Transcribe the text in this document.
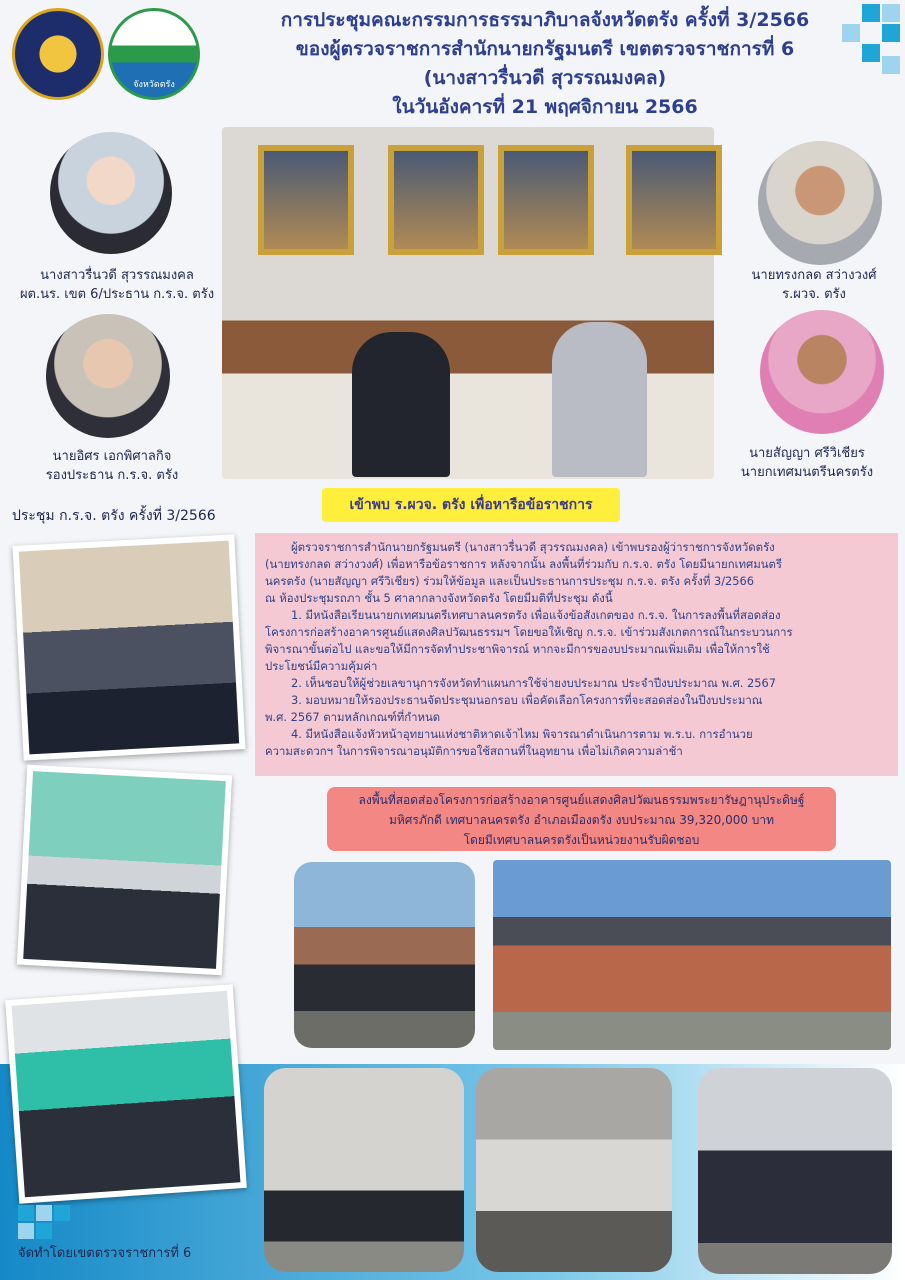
จังหวัดตรัง
การประชุมคณะกรรมการธรรมาภิบาลจังหวัดตรัง ครั้งที่ 3/2566
ของผู้ตรวจราชการสำนักนายกรัฐมนตรี เขตตรวจราชการที่ 6
(นางสาวรื่นวดี สุวรรณมงคล)
ในวันอังคารที่ 21 พฤศจิกายน 2566
นางสาวรื่นวดี สุวรรณมงคล
ผต.นร. เขต 6/ประธาน ก.ร.จ. ตรัง
นายอิศร เอกพิศาลกิจ
รองประธาน ก.ร.จ. ตรัง
นายทรงกลด สว่างวงศ์
ร.ผวจ. ตรัง
นายสัญญา ศรีวิเชียร
นายกเทศมนตรีนครตรัง
เข้าพบ ร.ผวจ. ตรัง เพื่อหารือข้อราชการ
ประชุม ก.ร.จ. ตรัง ครั้งที่ 3/2566

ผู้ตรวจราชการสำนักนายกรัฐมนตรี (นางสาวรื่นวดี สุวรรณมงคล) เข้าพบรองผู้ว่าราชการจังหวัดตรัง

(นายทรงกลด สว่างวงศ์) เพื่อหารือข้อราชการ หลังจากนั้น ลงพื้นที่ร่วมกับ ก.ร.จ. ตรัง โดยมีนายกเทศมนตรี

นครตรัง (นายสัญญา ศรีวิเชียร) ร่วมให้ข้อมูล และเป็นประธานการประชุม ก.ร.จ. ตรัง ครั้งที่ 3/2566

ณ ห้องประชุมรถภา ชั้น 5 ศาลากลางจังหวัดตรัง โดยมีมติที่ประชุม ดังนี้

1. มีหนังสือเรียนนายกเทศมนตรีเทศบาลนครตรัง เพื่อแจ้งข้อสังเกตของ ก.ร.จ. ในการลงพื้นที่สอดส่อง

โครงการก่อสร้างอาคารศูนย์แสดงศิลปวัฒนธรรมฯ โดยขอให้เชิญ ก.ร.จ. เข้าร่วมสังเกตการณ์ในกระบวนการ

พิจารณาขั้นต่อไป และขอให้มีการจัดทำประชาพิจารณ์ หากจะมีการของบประมาณเพิ่มเติม เพื่อให้การใช้

ประโยชน์มีความคุ้มค่า

2. เห็นชอบให้ผู้ช่วยเลขานุการจังหวัดทำแผนการใช้จ่ายงบประมาณ ประจำปีงบประมาณ พ.ศ. 2567

3. มอบหมายให้รองประธานจัดประชุมนอกรอบ เพื่อคัดเลือกโครงการที่จะสอดส่องในปีงบประมาณ

พ.ศ. 2567 ตามหลักเกณฑ์ที่กำหนด

4. มีหนังสือแจ้งหัวหน้าอุทยานแห่งชาติหาดเจ้าไหม พิจารณาดำเนินการตาม พ.ร.บ. การอำนวย

ความสะดวกฯ ในการพิจารณาอนุมัติการขอใช้สถานที่ในอุทยาน เพื่อไม่เกิดความล่าช้า

ลงพื้นที่สอดส่องโครงการก่อสร้างอาคารศูนย์แสดงศิลปวัฒนธรรมพระยารัษฎานุประดิษฐ์
มหิศรภักดี เทศบาลนครตรัง อำเภอเมืองตรัง งบประมาณ 39,320,000 บาท
โดยมีเทศบาลนครตรังเป็นหน่วยงานรับผิดชอบ
จัดทำโดยเขตตรวจราชการที่ 6
